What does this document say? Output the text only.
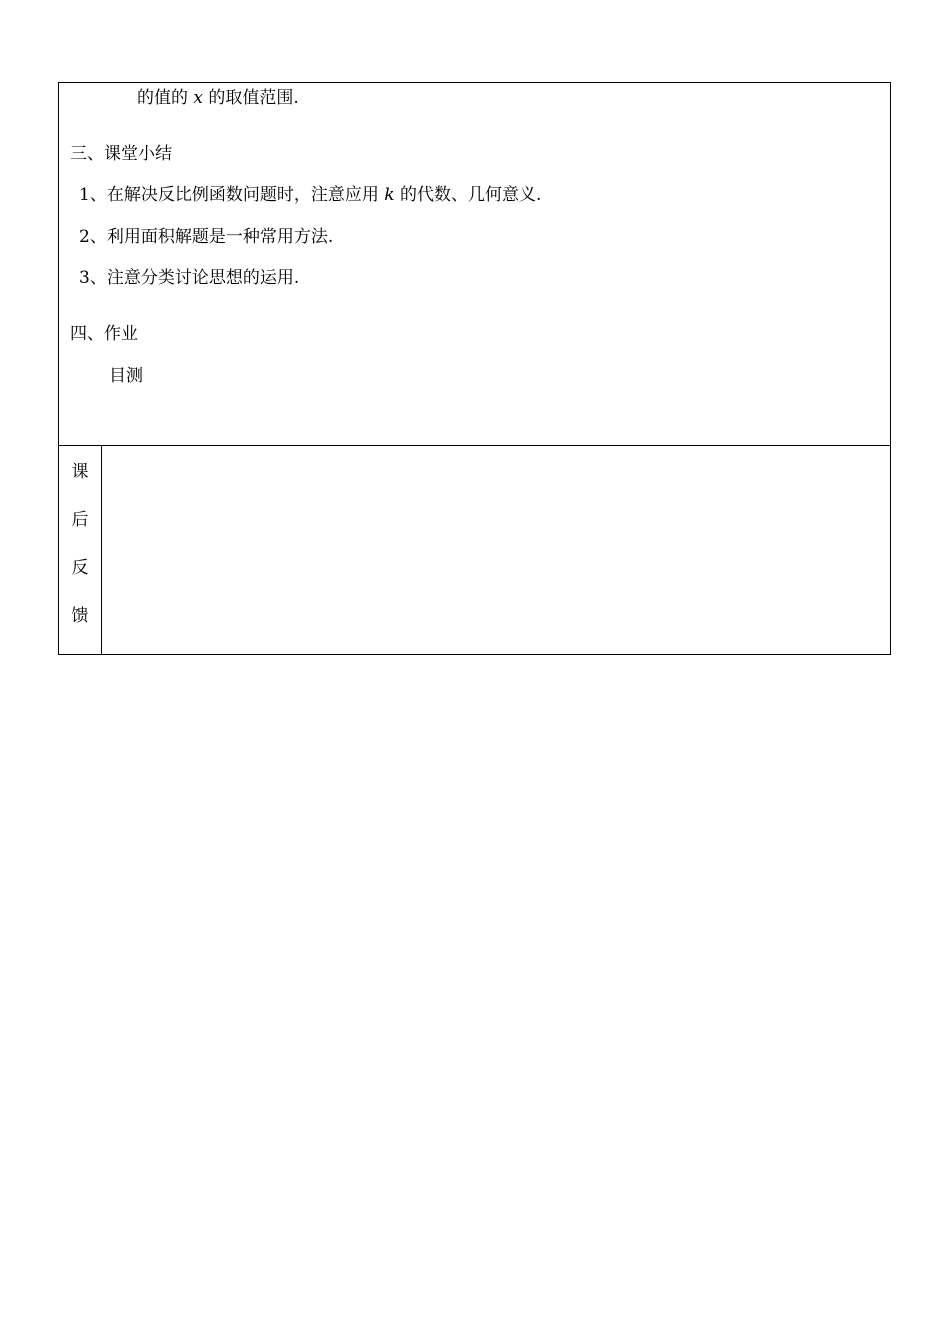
的值的 x 的取值范围.
三、课堂小结
1、在解决反比例函数问题时，注意应用 k 的代数、几何意义.
2、利用面积解题是一种常用方法.
3、注意分类讨论思想的运用.
四、作业
目测
课
后
反
馈
